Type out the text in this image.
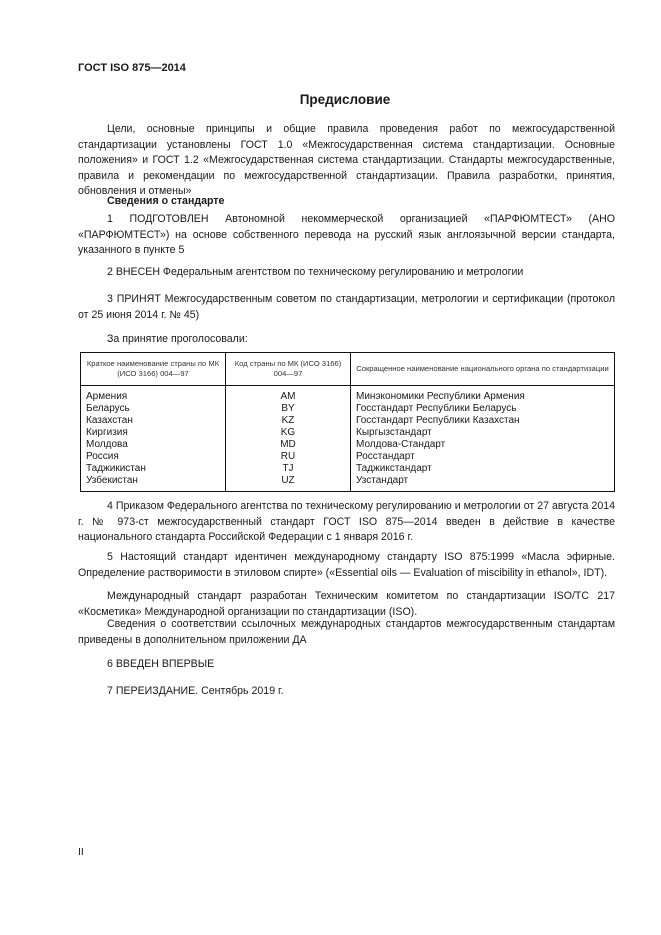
ГОСТ ISO 875—2014
Предисловие
Цели, основные принципы и общие правила проведения работ по межгосударственной стандартизации установлены ГОСТ 1.0 «Межгосударственная система стандартизации. Основные положения» и ГОСТ 1.2 «Межгосударственная система стандартизации. Стандарты межгосударственные, правила и рекомендации по межгосударственной стандартизации. Правила разработки, принятия, обновления и отмены»
Сведения о стандарте
1 ПОДГОТОВЛЕН Автономной некоммерческой организацией «ПАРФЮМТЕСТ» (АНО «ПАРФЮМТЕСТ») на основе собственного перевода на русский язык англоязычной версии стандарта, указанного в пункте 5
2 ВНЕСЕН Федеральным агентством по техническому регулированию и метрологии
3 ПРИНЯТ Межгосударственным советом по стандартизации, метрологии и сертификации (протокол от 25 июня 2014 г. № 45)
За принятие проголосовали:
Краткое наименование страны по МК (ИСО 3166) 004—97	Код страны по МК (ИСО 3166) 004—97	Сокращенное наименование национального органа по стандартизации
Армения	AM	Минэкономики Республики Армения
Беларусь	BY	Госстандарт Республики Беларусь
Казахстан	KZ	Госстандарт Республики Казахстан
Киргизия	KG	Кыргызстандарт
Молдова	MD	Молдова-Стандарт
Россия	RU	Росстандарт
Таджикистан	TJ	Таджикстандарт
Узбекистан	UZ	Узстандарт
4 Приказом Федерального агентства по техническому регулированию и метрологии от 27 августа 2014 г. № 973-ст межгосударственный стандарт ГОСТ ISO 875—2014 введен в действие в качестве национального стандарта Российской Федерации с 1 января 2016 г.
5 Настоящий стандарт идентичен международному стандарту ISO 875:1999 «Масла эфирные. Определение растворимости в этиловом спирте» («Essential oils — Evaluation of miscibility in ethanol», IDT).
Международный стандарт разработан Техническим комитетом по стандартизации ISO/TC 217 «Косметика» Международной организации по стандартизации (ISO).
Сведения о соответствии ссылочных международных стандартов межгосударственным стандартам приведены в дополнительном приложении ДА
6 ВВЕДЕН ВПЕРВЫЕ
7 ПЕРЕИЗДАНИЕ. Сентябрь 2019 г.
II
